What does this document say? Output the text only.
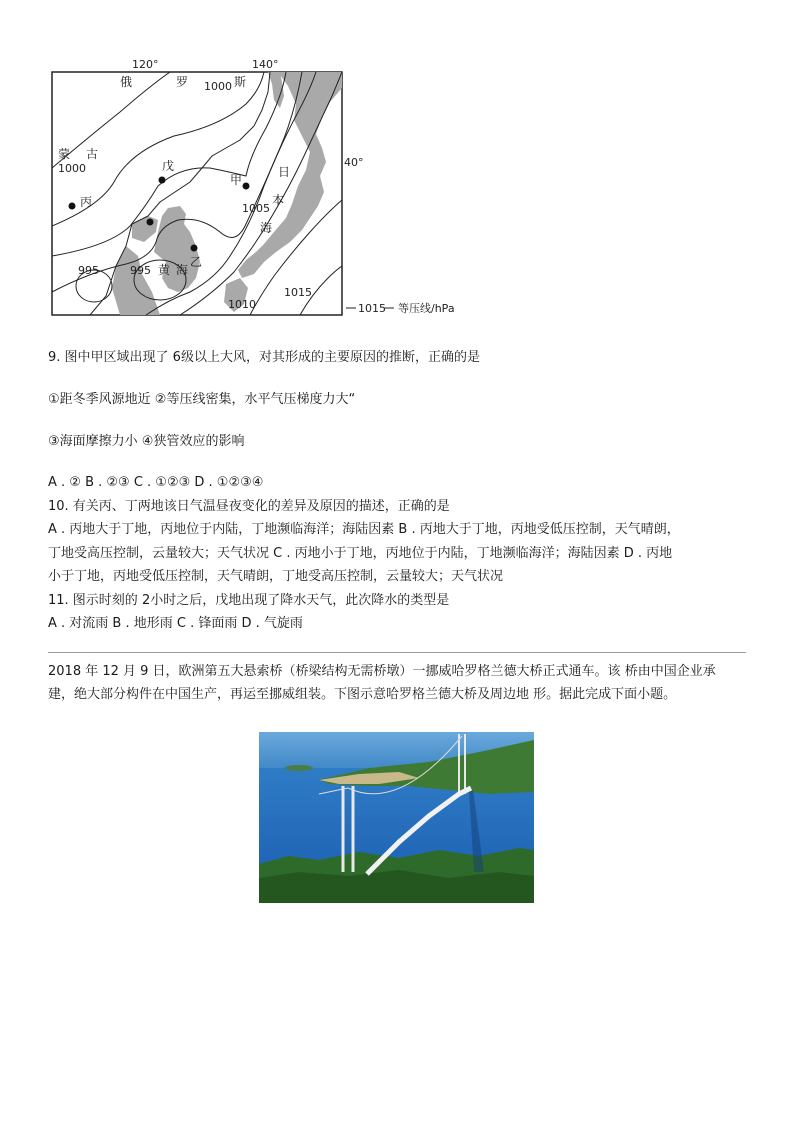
120°	140°
40°
俄	罗	斯
蒙 古
日
本
海
黄 海
戊
甲
丙
乙
1000
1000
1005
995	995
1010
1015
1015 等压线/hPa
9. 图中甲区域出现了 6级以上大风，对其形成的主要原因的推断，正确的是
①距冬季风源地近 ②等压线密集，水平气压梯度力大“
③海面摩擦力小 ④狭管效应的影响
A . ② B . ②③ C . ①②③ D . ①②③④
10. 有关丙、丁两地该日气温昼夜变化的差异及原因的描述，正确的是
A . 丙地大于丁地，丙地位于内陆，丁地濒临海洋；海陆因素 B . 丙地大于丁地，丙地受低压控制，天气晴朗，
丁地受高压控制，云量较大；天气状况 C . 丙地小于丁地，丙地位于内陆，丁地濒临海洋；海陆因素 D . 丙地
小于丁地，丙地受低压控制，天气晴朗，丁地受高压控制，云量较大；天气状况
11. 图示时刻的 2小时之后，戊地出现了降水天气，此次降水的类型是
A . 对流雨 B . 地形雨 C . 锋面雨 D . 气旋雨
2018 年 12 月 9 日，欧洲第五大悬索桥（桥梁结构无需桥墩）一挪威哈罗格兰德大桥正式通车。该 桥由中国企业承
建，绝大部分构件在中国生产，再运至挪威组装。下图示意哈罗格兰德大桥及周边地 形。据此完成下面小题。
